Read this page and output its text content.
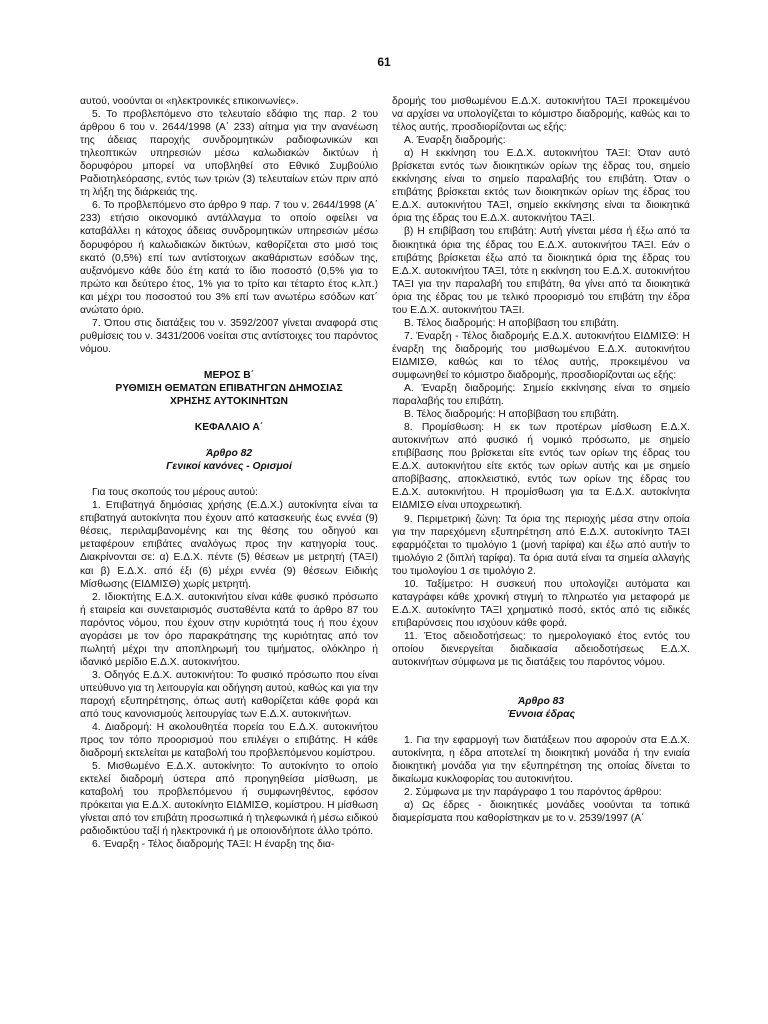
61

αυτού, νοούνται οι «ηλεκτρονικές επικοινωνίες».

5. Το προβλεπόμενο στο τελευταίο εδάφιο της παρ. 2 του άρθρου 6 του ν. 2644/1998 (Α΄ 233) αίτημα για την ανανέωση της άδειας παροχής συνδρομητικών ραδιοφωνικών και τηλεοπτικών υπηρεσιών μέσω καλωδιακών δικτύων ή δορυφόρου μπορεί να υποβληθεί στο Εθνικό Συμβούλιο Ραδιοτηλεόρασης, εντός των τριών (3) τελευταίων ετών πριν από τη λήξη της διάρκειάς της.

6. Το προβλεπόμενο στο άρθρο 9 παρ. 7 του ν. 2644/1998 (Α΄ 233) ετήσιο οικονομικό αντάλλαγμα το οποίο οφείλει να καταβάλλει η κάτοχος άδειας συνδρομητικών υπηρεσιών μέσω δορυφόρου ή καλωδιακών δικτύων, καθορίζεται στο μισό τοις εκατό (0,5%) επί των αντίστοιχων ακαθάριστων εσόδων της, αυξανόμενο κάθε δύο έτη κατά το ίδιο ποσοστό (0,5% για το πρώτο και δεύτερο έτος, 1% για το τρίτο και τέταρτο έτος κ.λπ.) και μέχρι του ποσοστού του 3% επί των ανωτέρω εσόδων κατ΄ ανώτατο όριο.

7. Όπου στις διατάξεις του ν. 3592/2007 γίνεται αναφορά στις ρυθμίσεις του ν. 3431/2006 νοείται στις αντίστοιχες του παρόντος νόμου.

ΜΕΡΟΣ Β΄

ΡΥΘΜΙΣΗ ΘΕΜΑΤΩΝ ΕΠΙΒΑΤΗΓΩΝ ΔΗΜΟΣΙΑΣ

ΧΡΗΣΗΣ ΑΥΤΟΚΙΝΗΤΩΝ

ΚΕΦΑΛΑΙΟ Α΄

Άρθρο 82

Γενικοί κανόνες - Ορισμοί

Για τους σκοπούς του μέρους αυτού:

1. Επιβατηγά δημόσιας χρήσης (Ε.Δ.Χ.) αυτοκίνητα είναι τα επιβατηγά αυτοκίνητα που έχουν από κατασκευής έως εννέα (9) θέσεις, περιλαμβανομένης και της θέσης του οδηγού και μεταφέρουν επιβάτες αναλόγως προς την κατηγορία τους. Διακρίνονται σε: α) Ε.Δ.Χ. πέντε (5) θέσεων με μετρητή (ΤΑΞΙ) και β) Ε.Δ.Χ. από έξι (6) μέχρι εννέα (9) θέσεων Ειδικής Μίσθωσης (ΕΙΔΜΙΣΘ) χωρίς μετρητή.

2. Ιδιοκτήτης Ε.Δ.Χ. αυτοκινήτου είναι κάθε φυσικό πρόσωπο ή εταιρεία και συνεταιρισμός συσταθέντα κατά το άρθρο 87 του παρόντος νόμου, που έχουν στην κυριότητά τους ή που έχουν αγοράσει με τον όρο παρακράτησης της κυριότητας από τον πωλητή μέχρι την αποπληρωμή του τιμήματος, ολόκληρο ή ιδανικό μερίδιο Ε.Δ.Χ. αυτοκινήτου.

3. Οδηγός Ε.Δ.Χ. αυτοκινήτου: Το φυσικό πρόσωπο που είναι υπεύθυνο για τη λειτουργία και οδήγηση αυτού, καθώς και για την παροχή εξυπηρέτησης, όπως αυτή καθορίζεται κάθε φορά και από τους κανονισμούς λειτουργίας των Ε.Δ.Χ. αυτοκινήτων.

4. Διαδρομή: Η ακολουθητέα πορεία του Ε.Δ.Χ. αυτοκινήτου προς τον τόπο προορισμού που επιλέγει ο επιβάτης. Η κάθε διαδρομή εκτελείται με καταβολή του προβλεπόμενου κομίστρου.

5. Μισθωμένο Ε.Δ.Χ. αυτοκίνητο: Το αυτοκίνητο το οποίο εκτελεί διαδρομή ύστερα από προηγηθείσα μίσθωση, με καταβολή του προβλεπόμενου ή συμφωνηθέντος, εφόσον πρόκειται για Ε.Δ.Χ. αυτοκίνητο ΕΙΔΜΙΣΘ, κομίστρου. Η μίσθωση γίνεται από τον επιβάτη προσωπικά ή τηλεφωνικά ή μέσω ειδικού ραδιοδικτύου ταξί ή ηλεκτρονικά ή με οποιονδήποτε άλλο τρόπο.

6. Έναρξη - Τέλος διαδρομής ΤΑΞΙ: Η έναρξη της δια-

δρομής του μισθωμένου Ε.Δ.Χ. αυτοκινήτου ΤΑΞΙ προκειμένου να αρχίσει να υπολογίζεται το κόμιστρο διαδρομής, καθώς και το τέλος αυτής, προσδιορίζονται ως εξής:

Α. Έναρξη διαδρομής:

α) Η εκκίνηση του Ε.Δ.Χ. αυτοκινήτου ΤΑΞΙ: Όταν αυτό βρίσκεται εντός των διοικητικών ορίων της έδρας του, σημείο εκκίνησης είναι το σημείο παραλαβής του επιβάτη. Όταν ο επιβάτης βρίσκεται εκτός των διοικητικών ορίων της έδρας του Ε.Δ.Χ. αυτοκινήτου ΤΑΞΙ, σημείο εκκίνησης είναι τα διοικητικά όρια της έδρας του Ε.Δ.Χ. αυτοκινήτου ΤΑΞΙ.

β) Η επιβίβαση του επιβάτη: Αυτή γίνεται μέσα ή έξω από τα διοικητικά όρια της έδρας του Ε.Δ.Χ. αυτοκινήτου ΤΑΞΙ. Εάν ο επιβάτης βρίσκεται έξω από τα διοικητικά όρια της έδρας του Ε.Δ.Χ. αυτοκινήτου ΤΑΞΙ, τότε η εκκίνηση του Ε.Δ.Χ. αυτοκινήτου ΤΑΞΙ για την παραλαβή του επιβάτη, θα γίνει από τα διοικητικά όρια της έδρας του με τελικό προορισμό του επιβάτη την έδρα του Ε.Δ.Χ. αυτοκινήτου ΤΑΞΙ.

Β. Τέλος διαδρομής: Η αποβίβαση του επιβάτη.

7. Έναρξη - Τέλος διαδρομής Ε.Δ.Χ. αυτοκινήτου ΕΙΔΜΙΣΘ: Η έναρξη της διαδρομής του μισθωμένου Ε.Δ.Χ. αυτοκινήτου ΕΙΔΜΙΣΘ, καθώς και το τέλος αυτής, προκειμένου να συμφωνηθεί το κόμιστρο διαδρομής, προσδιορίζονται ως εξής:

Α. Έναρξη διαδρομής: Σημείο εκκίνησης είναι το σημείο παραλαβής του επιβάτη.

Β. Τέλος διαδρομής: Η αποβίβαση του επιβάτη.

8. Προμίσθωση: Η εκ των προτέρων μίσθωση Ε.Δ.Χ. αυτοκινήτων από φυσικό ή νομικό πρόσωπο, με σημείο επιβίβασης που βρίσκεται είτε εντός των ορίων της έδρας του Ε.Δ.Χ. αυτοκινήτου είτε εκτός των ορίων αυτής και με σημείο αποβίβασης, αποκλειστικό, εντός των ορίων της έδρας του Ε.Δ.Χ. αυτοκινήτου. Η προμίσθωση για τα Ε.Δ.Χ. αυτοκίνητα ΕΙΔΜΙΣΘ είναι υποχρεωτική.

9. Περιμετρική ζώνη: Τα όρια της περιοχής μέσα στην οποία για την παρεχόμενη εξυπηρέτηση από Ε.Δ.Χ. αυτοκίνητο ΤΑΞΙ εφαρμόζεται το τιμολόγιο 1 (μονή ταρίφα) και έξω από αυτήν το τιμολόγιο 2 (διπλή ταρίφα). Τα όρια αυτά είναι τα σημεία αλλαγής του τιμολογίου 1 σε τιμολόγιο 2.

10. Ταξίμετρο: Η συσκευή που υπολογίζει αυτόματα και καταγράφει κάθε χρονική στιγμή το πληρωτέο για μεταφορά με Ε.Δ.Χ. αυτοκίνητο ΤΑΞΙ χρηματικό ποσό, εκτός από τις ειδικές επιβαρύνσεις που ισχύουν κάθε φορά.

11. Έτος αδειοδοτήσεως: το ημερολογιακό έτος εντός του οποίου διενεργείται διαδικασία αδειοδοτήσεως Ε.Δ.Χ. αυτοκινήτων σύμφωνα με τις διατάξεις του παρόντος νόμου.

Άρθρο 83

Έννοια έδρας

1. Για την εφαρμογή των διατάξεων που αφορούν στα Ε.Δ.Χ. αυτοκίνητα, η έδρα αποτελεί τη διοικητική μονάδα ή την ενιαία διοικητική μονάδα για την εξυπηρέτηση της οποίας δίνεται το δικαίωμα κυκλοφορίας του αυτοκινήτου.

2. Σύμφωνα με την παράγραφο 1 του παρόντος άρθρου:

α) Ως έδρες - διοικητικές μονάδες νοούνται τα τοπικά διαμερίσματα που καθορίστηκαν με το ν. 2539/1997 (Α΄
